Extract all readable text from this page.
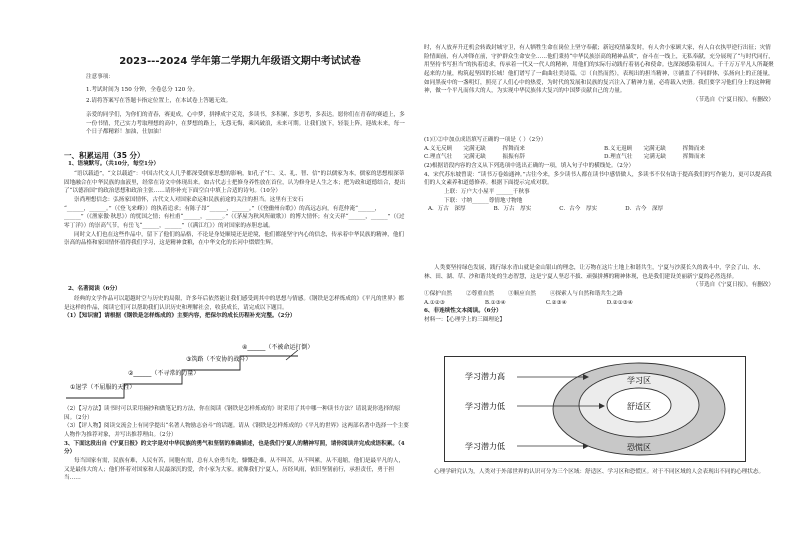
2023---2024 学年第二学期九年级语文期中考试试卷

注意事项：

1.考试时间为 150 分钟，全卷总分 120 分。

2.请将答案写在答题卡指定位置上，在本试卷上答题无效。

亲爱的同学们，为你们的青春，赛更成，心中梦，拼搏成宇克竞，多读书，多积累，多思考，多表达。愿你们在青春的赛道上，多一份书情，凭己实力考取理想的高中，在梦想的路上，无怨无悔，乘风破浪，未来可期。让我们放下，轻装上阵，迎战未来，每一个日子都精彩！加油，仕加油！

一、积累运用（35 分）
1、语境默写。（共10分，每空1分）

“语以载道”，“文以载道”：中国古代文人几乎都深受儒家思想的影响，如孔子“仁、义、礼、智、信”的以儒家为本，儒家的思想根深蒂固地融合在中华民族的血液里，经常在诗文中体现出来。如古代志士把修身养性放在首位，认为修身是人生之本；把为政和道德结合，提出了“以德治国”的政治思想和政治主张……请你补充下面空白中填上合适的诗句。（10分）

崇尚理想信念：弘扬家国情怀，古代文人对国家命运和民族前途的关注的担当。这里有王安石

“______，______。”（《登飞来峰》）的执着追求；有陈子昂“______，______。”（《登幽州台歌》）的高远志向，有范仲淹“______，______”（《渔家傲·秋思》）的忧国之情；有杜甫“______，______。”（《茅屋为秋风所破歌》）的博大情怀；有文天祥“______，______”（《过零丁洋》）的崇高气节，有岳飞“______，______”（《满江红》）的对国家的赤胆忠诚。

同时文人们也在这些作品中，留下了他们的品格，不论是身处顺境还是逆境，他们都能坚守内心的信念，传承着中华民族的精神，他们崇高的品格和家国情怀值得我们学习，这是精神食粮，在中华文化的长河中熠熠生辉。

2、名著阅读（6分）

经典的文学作品可以超越时空与历史的局限，许多年后依然能让我们感受到其中的思想与情感。《钢铁是怎样炼成的》《平凡的世界》都是这样的作品，阅读它们可以帮助我们认识历史和理解社会，收获成长，请完成以下题目。

（1）【知识窗】请根据《钢铁是怎样炼成的》主要内容，把保尔的成长历程补充完整。（2分）

①退学（不屈服的天性）
②______（不寻常的力量）
③筑路（不安协的战斗）
④______（不被命运打倒）

（2）【习方法】读书时可以采用摘抄和做笔记的方法，你在阅读《钢铁是怎样炼成的》时采用了其中哪一种读书方法？请说说你选择的原因。（2分）

（3）【评人物】阅读交流会上有同学提出“名著人物励志奋斗”的话题。请从《钢铁是怎样炼成的》《平凡的世界》这两部名著中选择一个主要人物作为推荐对象，并写出推荐理由。（2分）

3、下面这段出自《宁夏日报》的文字是对中华民族的勇气和坚韧的准确描述，也是我们宁夏人的精神写照，请你阅读并完成成语积累。（4分）

每当国家有需，民族有难，人民有苦，同胞有需，总有人奋勇当先，慷慨赴难，从不叫苦，从不叫累，从不退缩，他们是最平凡的人，又是最伟大的人；他们怀着对国家和人民最深沉的爱，舍小家为大家。就像我们宁夏人，历经风雨，依旧坚韧前行，承担责任，勇于担当……

时，有人放弃升迁机会转战封城守卫，有人牺牲生命在岗位上坚守奉献；新冠疫情暴发时，有人舍小家顾大家，有人白衣执甲逆行出征；灾情险情面前，有人冲锋在前，守护群众生命安全……他们秉持“中华民族崇高的精神品质”，奋斗在一线上，无私奉献，充分展现了“与时代同行，用坚持书写担当”的执着追求，传承着一代又一代人的精神，用他们的实际行动践行着初心和使命。也深深感染着国人。千千万万平凡人所凝聚起来的力量，构筑起坚固的长城！他们谱写了一曲曲壮美诗篇，②（自然而然），表现出的担当精神，③涵盖了不同群体，弘扬向上的正能量，如同黑夜中的一盏明灯，照亮了人们心中的热爱，为时代的发展和民族的复兴注入了精神力量，必将载入史册。我们要学习他们身上的这种精神，做一个平凡而伟大的人，为实现中华民族伟大复兴的中国梦贡献自己的力量。

（节选自《宁夏日报》，有删改）

(1)①②中加点成语填写正确的一项是（ ）（2分）

A.义无反顾　　完满无缺　　　挥舞而来	B.义无返顾　　完满无缺　　　挥舞而来
C.理直气壮　　完满无缺　　　振振有辞	D.理直气壮　　完满无缺　　　挥舞而来

(2)根据语段内容的含义从下列选项中选出正确的一项，填入句子中的横线处。（2分）

4、宋代苏东坡曾说：“读书万卷始通神。”古往今来，多少读书人都在读书中感悟做人，多读书不仅有助于提高我们的写作能力，更可以提高我们的人文素养和道德修养。根据下面提示完成对联。

上联：万户大小屋平 ______千秋事

下联：寸纳______尊情地寸物地

A．万古　深厚	B．万古　厚实	C．古今　厚实	D．古今　深厚

人类要坚持绿色发展，践行绿水青山就是金山银山的理念，让万物在这片土地上和谐共生，宁夏与沙漠长久的战斗中，学会了山、水、林、田、湖、草、沙和谐共处的生态智慧，这是宁夏人坚忍不拔、顽强拼搏的精神体现，也是我们建设美丽新宁夏的必然选择。

（节选自《宁夏日报》，有删改）

①保护自然	②尊重自然	③顺应自然	④探索人与自然和谐共生之路
A.①②③	B.①③④	C.②③④	D.②①③④

6、非连续性文本阅读。（6分）

材料一：【心理学上的三圈理论】

学习区
舒适区
恐慌区
学习潜力高
学习潜力低
学习潜力低

心理学研究认为，人类对于外部世界的认识可分为三个区域：舒适区、学习区和恐慌区。对于不同区域的人会表现出不同的心理状态。
